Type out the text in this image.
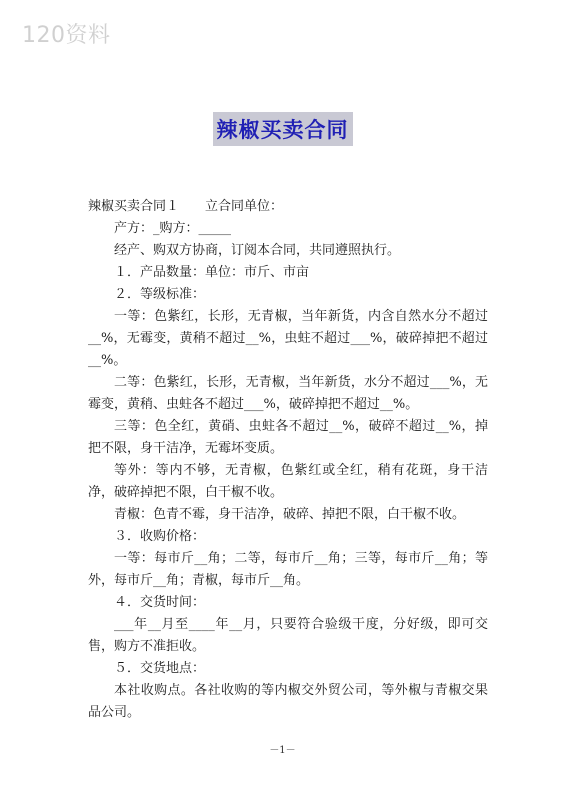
120资料
辣椒买卖合同

辣椒买卖合同１ 立合同单位：

产方：_购方：_____

经产、购双方协商，订阅本合同，共同遵照执行。

１．产品数量：单位：市斤、市亩

２．等级标准：

一等：色紫红，长形，无青椒，当年新货，内含自然水分不超过__%，无霉变，黄稍不超过__%，虫蛀不超过___%，破碎掉把不超过__%。

二等：色紫红，长形，无青椒，当年新货，水分不超过___%，无霉变，黄稍、虫蛀各不超过___%，破碎掉把不超过__%。

三等：色全红，黄硝、虫蛀各不超过__%，破碎不超过__%，掉把不限，身干洁净，无霉坏变质。

等外：等内不够，无青椒，色紫红或全红，稍有花斑，身干洁净，破碎掉把不限，白干椒不收。

青椒：色青不霉，身干洁净，破碎、掉把不限，白干椒不收。

３．收购价格：

一等：每市斤__角；二等，每市斤__角；三等，每市斤__角；等外，每市斤__角；青椒，每市斤__角。

４．交货时间：

___年__月至____年__月，只要符合验级干度，分好级，即可交售，购方不准拒收。

５．交货地点：

本社收购点。各社收购的等内椒交外贸公司，等外椒与青椒交果品公司。

－1－
